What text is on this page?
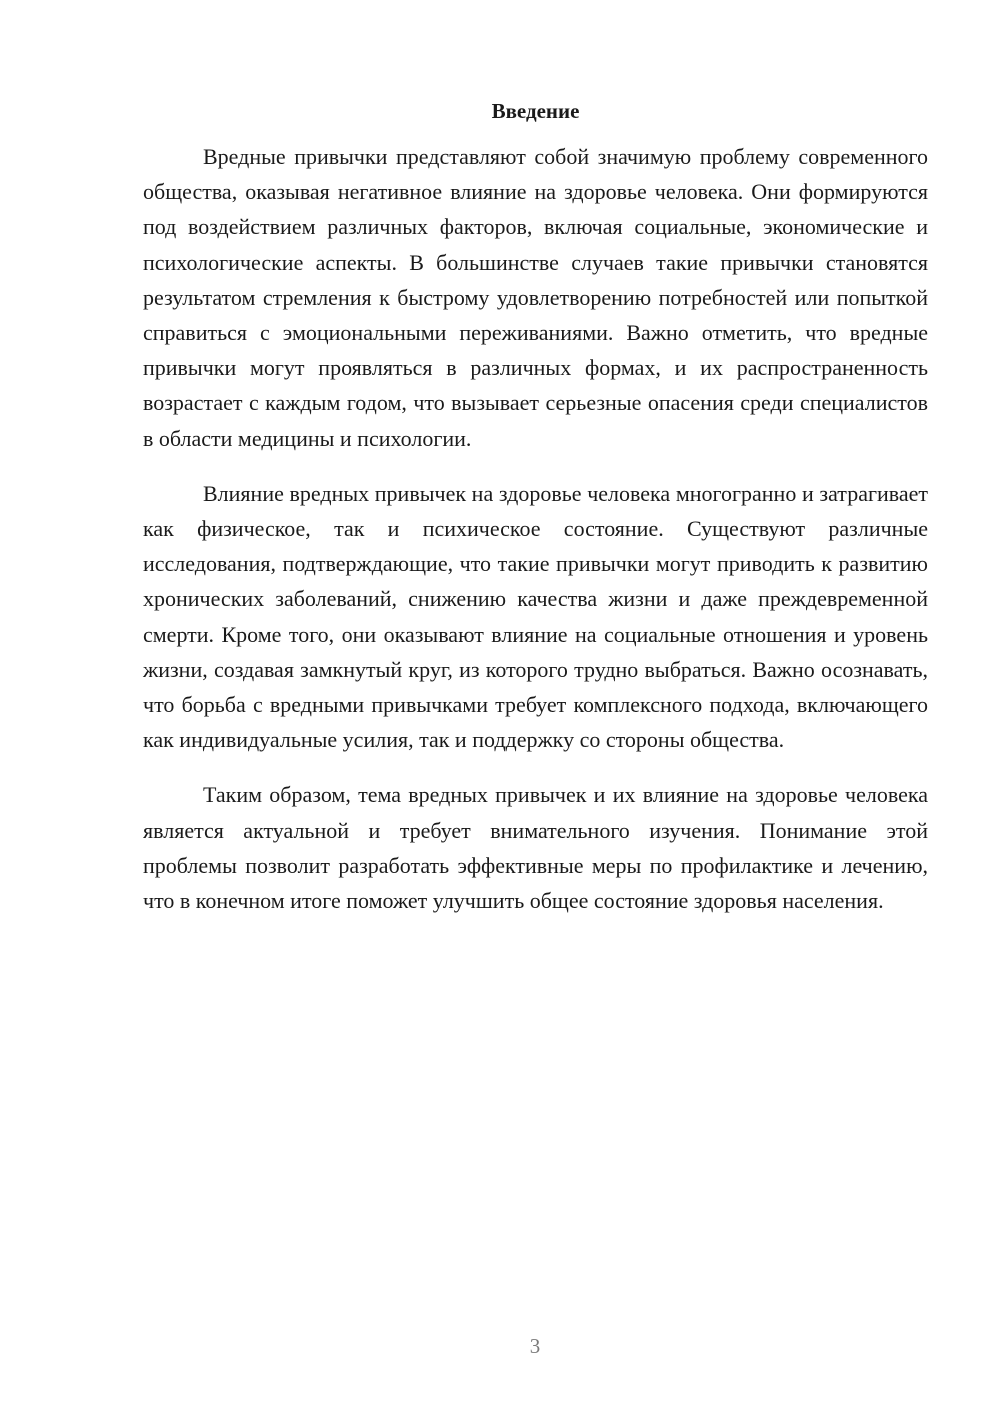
Введение

Вредные привычки представляют собой значимую проблему современного общества, оказывая негативное влияние на здоровье человека. Они формируются под воздействием различных факторов, включая социальные, экономические и психологические аспекты. В большинстве случаев такие привычки становятся результатом стремления к быстрому удовлетворению потребностей или попыткой справиться с эмоциональными переживаниями. Важно отметить, что вредные привычки могут проявляться в различных формах, и их распространенность возрастает с каждым годом, что вызывает серьезные опасения среди специалистов в области медицины и психологии.

Влияние вредных привычек на здоровье человека многогранно и затрагивает как физическое, так и психическое состояние. Существуют различные исследования, подтверждающие, что такие привычки могут приводить к развитию хронических заболеваний, снижению качества жизни и даже преждевременной смерти. Кроме того, они оказывают влияние на социальные отношения и уровень жизни, создавая замкнутый круг, из которого трудно выбраться. Важно осознавать, что борьба с вредными привычками требует комплексного подхода, включающего как индивидуальные усилия, так и поддержку со стороны общества.

Таким образом, тема вредных привычек и их влияние на здоровье человека является актуальной и требует внимательного изучения. Понимание этой проблемы позволит разработать эффективные меры по профилактике и лечению, что в конечном итоге поможет улучшить общее состояние здоровья населения.

3
